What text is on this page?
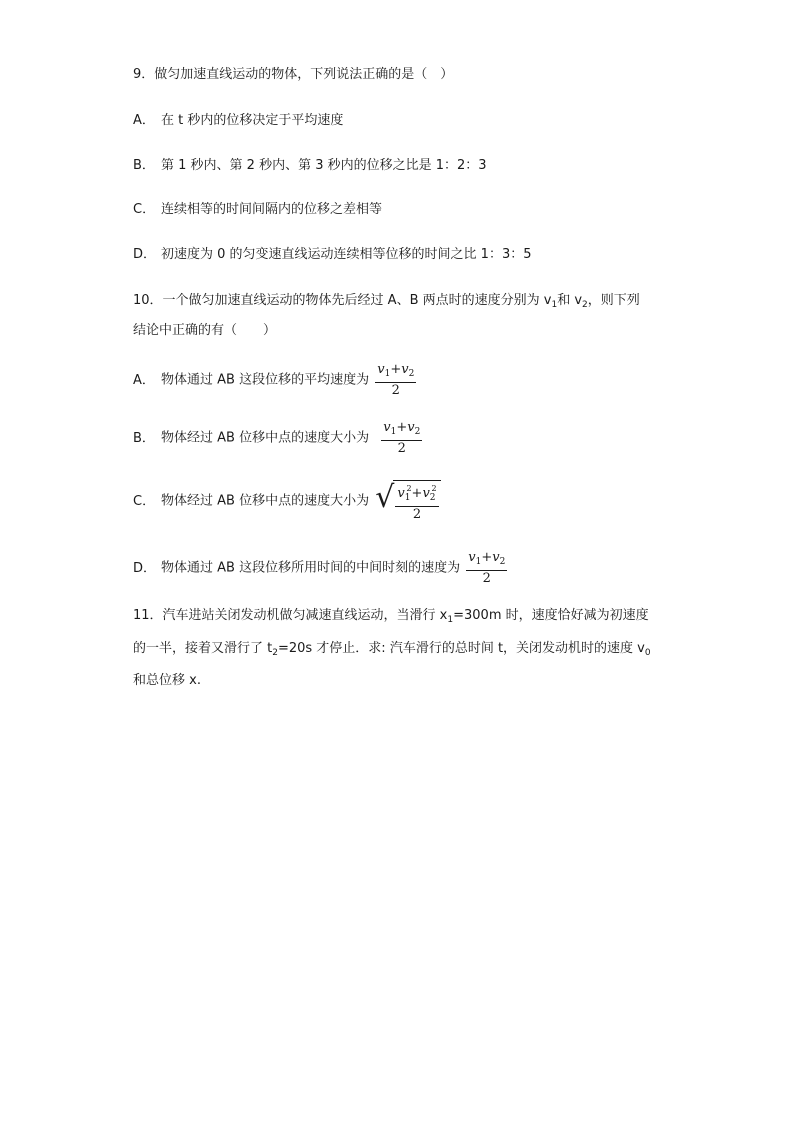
9．做匀加速直线运动的物体，下列说法正确的是（　）
A． 在 t 秒内的位移决定于平均速度
B． 第 1 秒内、第 2 秒内、第 3 秒内的位移之比是 1：2：3
C． 连续相等的时间间隔内的位移之差相等
D． 初速度为 0 的匀变速直线运动连续相等位移的时间之比 1：3：5
10．一个做匀加速直线运动的物体先后经过 A、B 两点时的速度分别为 $v_1$和 $v_2$，则下列
结论中正确的有（　　）
A． 物体通过 AB 这段位移的平均速度为 $\frac{v_1+v_2}{2}$
B． 物体经过 AB 位移中点的速度大小为 $\frac{v_1+v_2}{2}$
C． 物体经过 AB 位移中点的速度大小为 √ $\frac{v_1^2+v_2^2}{2}$
D． 物体通过 AB 这段位移所用时间的中间时刻的速度为 $\frac{v_1+v_2}{2}$
11．汽车进站关闭发动机做匀减速直线运动，当滑行 $x_1=300m$ 时，速度恰好减为初速度
的一半，接着又滑行了 $t_2=20s$ 才停止．求: 汽车滑行的总时间 t，关闭发动机时的速度 $v_0$
和总位移 x.
